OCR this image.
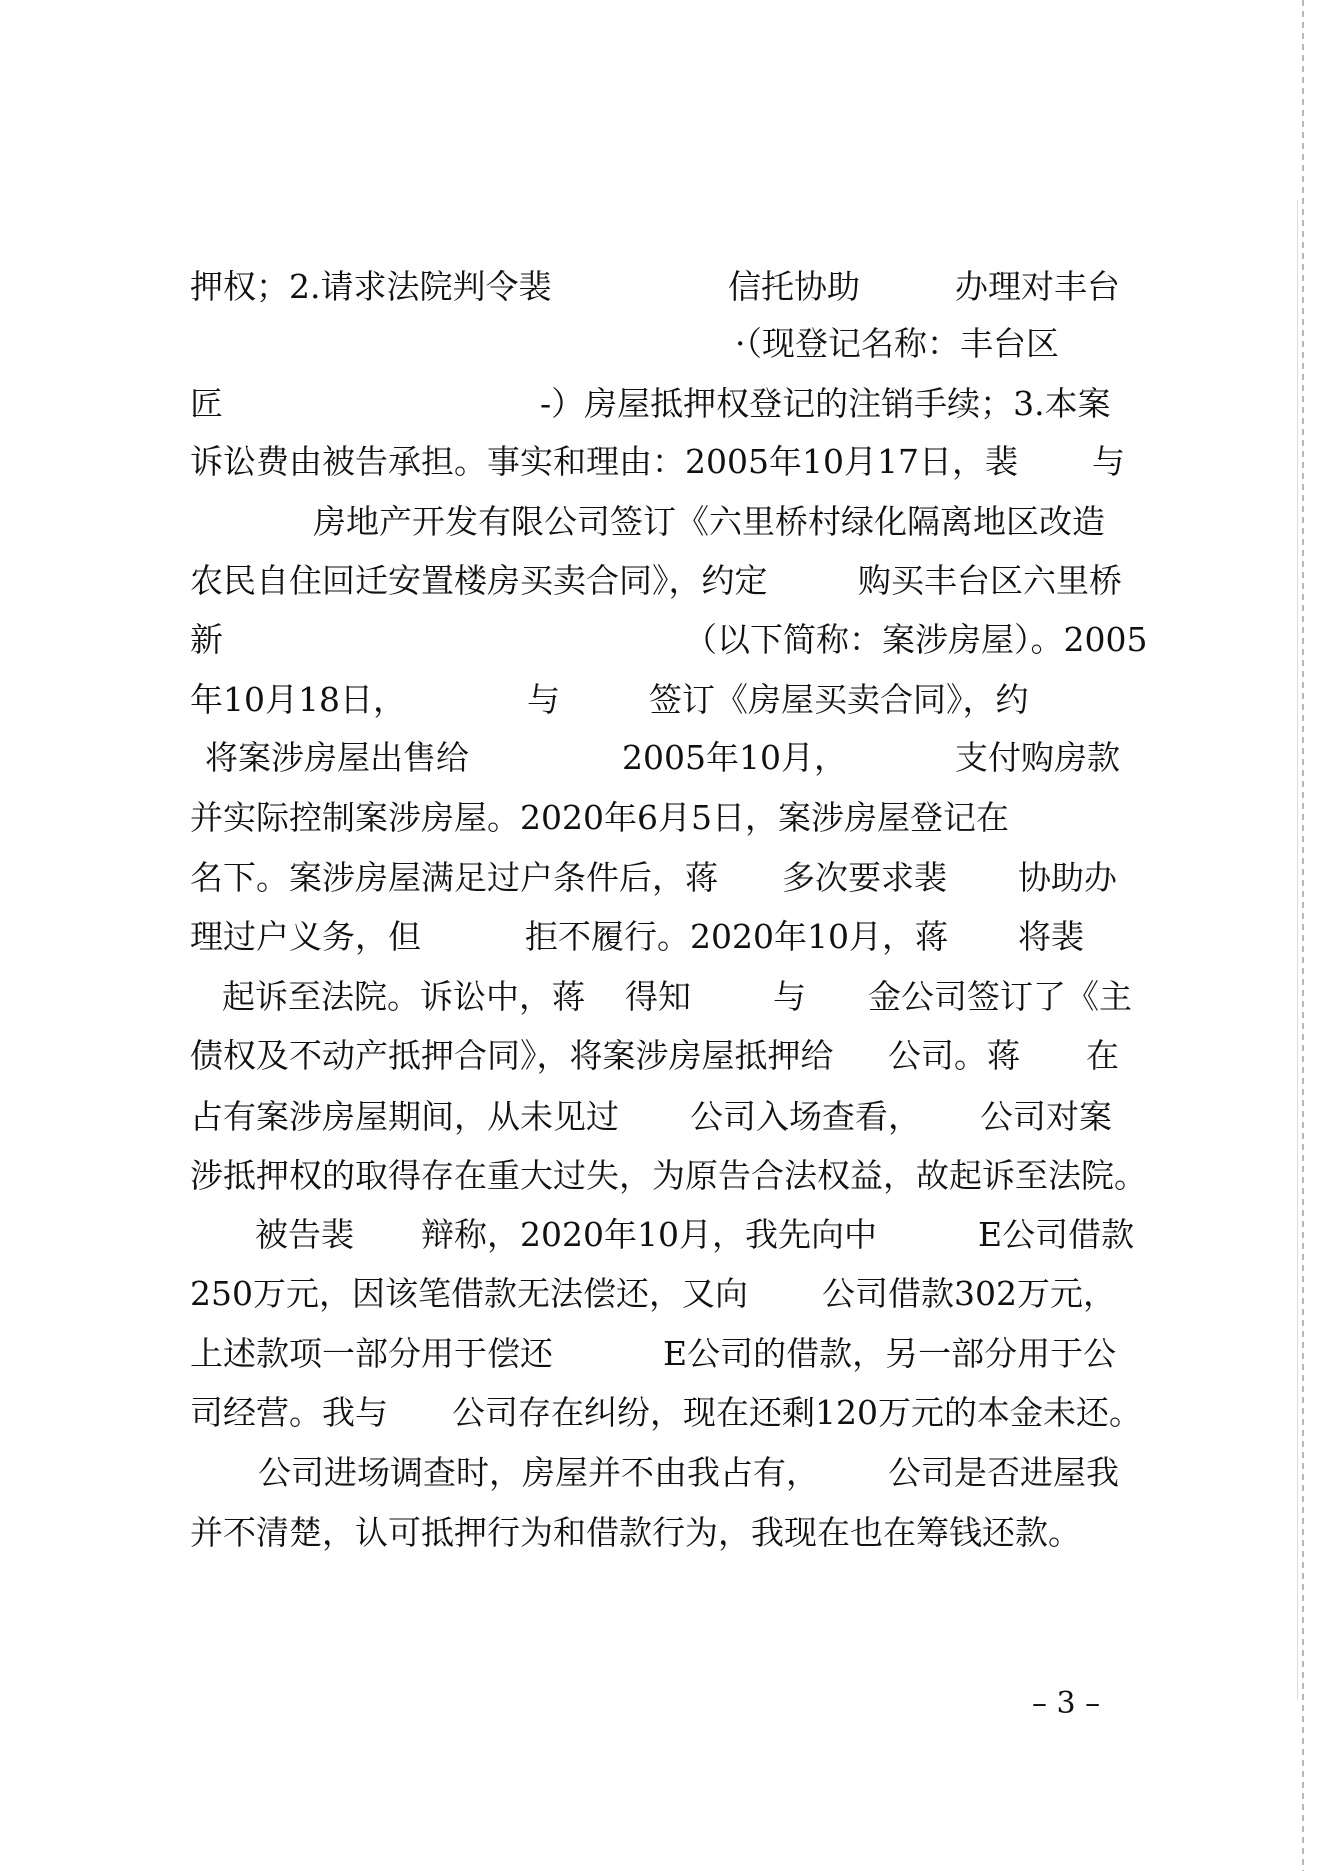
押权；2.请求法院判令裴	信托协助	办理对丰台
·（现登记名称：丰台区
匠	-）房屋抵押权登记的注销手续；3.本案
诉讼费由被告承担。事实和理由：2005年10月17日，裴 与
房地产开发有限公司签订《六里桥村绿化隔离地区改造
农民自住回迁安置楼房买卖合同》，约定	购买丰台区六里桥
新	（以下简称：案涉房屋）。2005
年10月18日，	与	签订《房屋买卖合同》，约
将案涉房屋出售给	2005年10月，	支付购房款
并实际控制案涉房屋。2020年6月5日，案涉房屋登记在
名下。案涉房屋满足过户条件后，蒋 多次要求裴 协助办
理过户义务，但	拒不履行。2020年10月，蒋 将裴
起诉至法院。诉讼中，蒋 得知 与 金公司签订了《主
债权及不动产抵押合同》，将案涉房屋抵押给 公司。蒋 在
占有案涉房屋期间，从未见过 公司入场查看， 公司对案
涉抵押权的取得存在重大过失，为原告合法权益，故起诉至法院。
被告裴 辩称，2020年10月，我先向中	E公司借款
250万元，因该笔借款无法偿还，又向 公司借款302万元，
上述款项一部分用于偿还	E公司的借款，另一部分用于公
司经营。我与 公司存在纠纷，现在还剩120万元的本金未还。
公司进场调查时，房屋并不由我占有， 公司是否进屋我
并不清楚，认可抵押行为和借款行为，我现在也在筹钱还款。
– 3 –
